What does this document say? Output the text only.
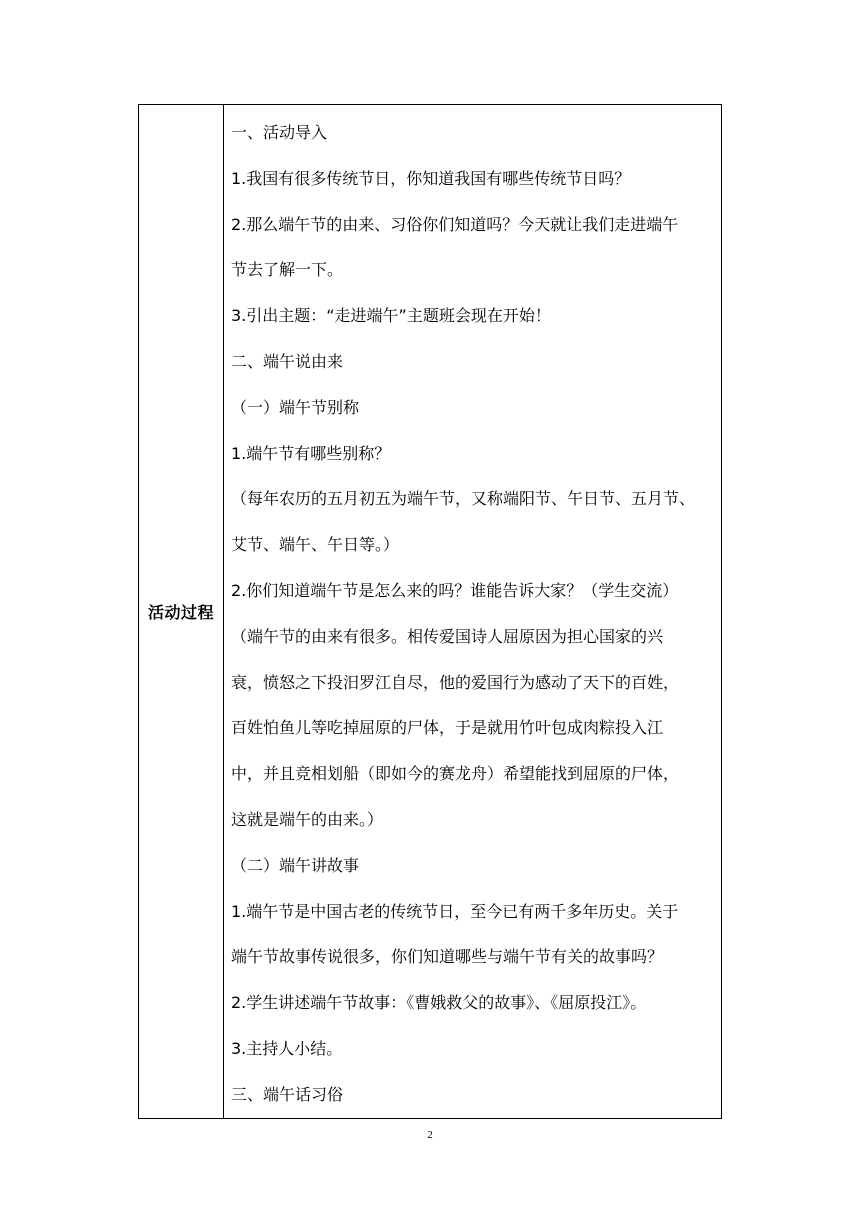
活动过程	
一、活动导入
1.我国有很多传统节日，你知道我国有哪些传统节日吗？
2.那么端午节的由来、习俗你们知道吗？今天就让我们走进端午
节去了解一下。
3.引出主题：“走进端午”主题班会现在开始！
二、端午说由来
（一）端午节别称
1.端午节有哪些别称？
（每年农历的五月初五为端午节，又称端阳节、午日节、五月节、
艾节、端午、午日等。）
2.你们知道端午节是怎么来的吗？谁能告诉大家？（学生交流）
（端午节的由来有很多。相传爱国诗人屈原因为担心国家的兴
衰，愤怒之下投汨罗江自尽，他的爱国行为感动了天下的百姓，
百姓怕鱼儿等吃掉屈原的尸体，于是就用竹叶包成肉粽投入江
中，并且竞相划船（即如今的赛龙舟）希望能找到屈原的尸体，
这就是端午的由来。）
（二）端午讲故事
1.端午节是中国古老的传统节日，至今已有两千多年历史。关于
端午节故事传说很多，你们知道哪些与端午节有关的故事吗？
2.学生讲述端午节故事：《曹娥救父的故事》、《屈原投江》。
3.主持人小结。
三、端午话习俗
2
